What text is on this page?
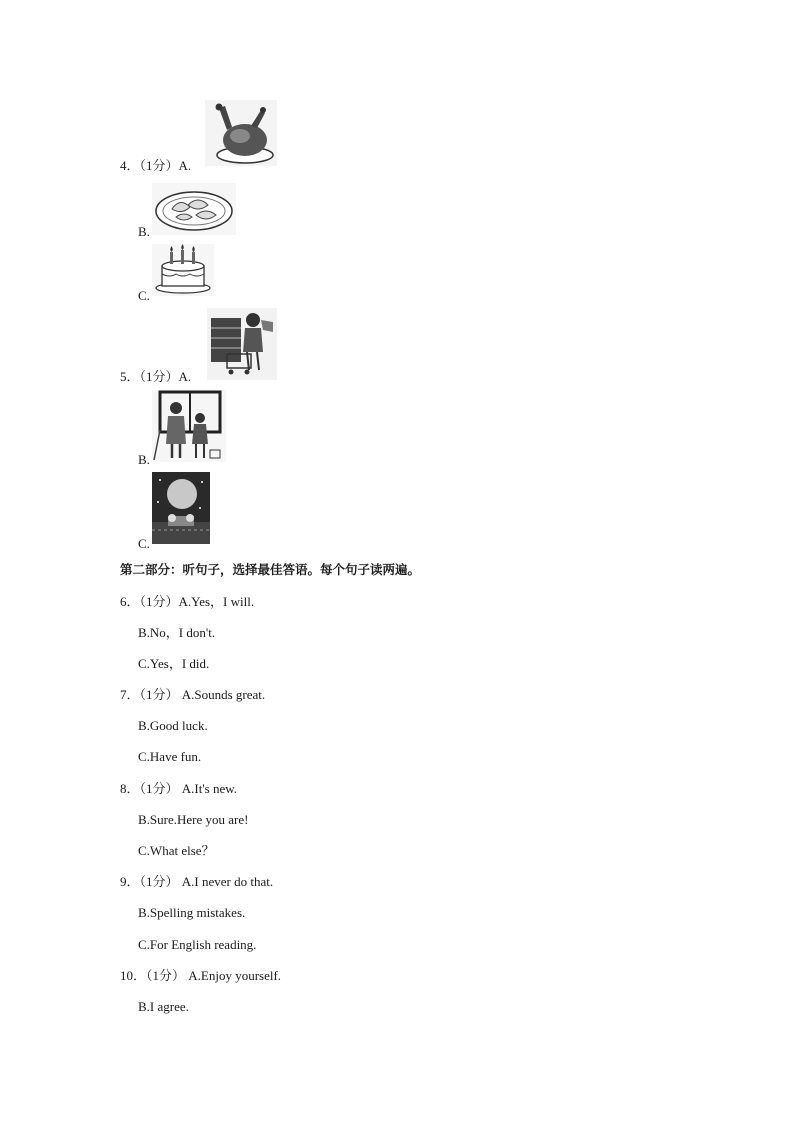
4．（1分）A.
B.
C.
5．（1分）A.
B.
C.
第二部分：听句子，选择最佳答语。每个句子读两遍。
6．（1分）A.Yes，I will.
B.No，I don't.
C.Yes，I did.
7．（1分） A.Sounds great.
B.Good luck.
C.Have fun.
8．（1分） A.It's new.
B.Sure.Here you are!
C.What else？
9．（1分） A.I never do that.
B.Spelling mistakes.
C.For English reading.
10．（1分） A.Enjoy yourself.
B.I agree.
